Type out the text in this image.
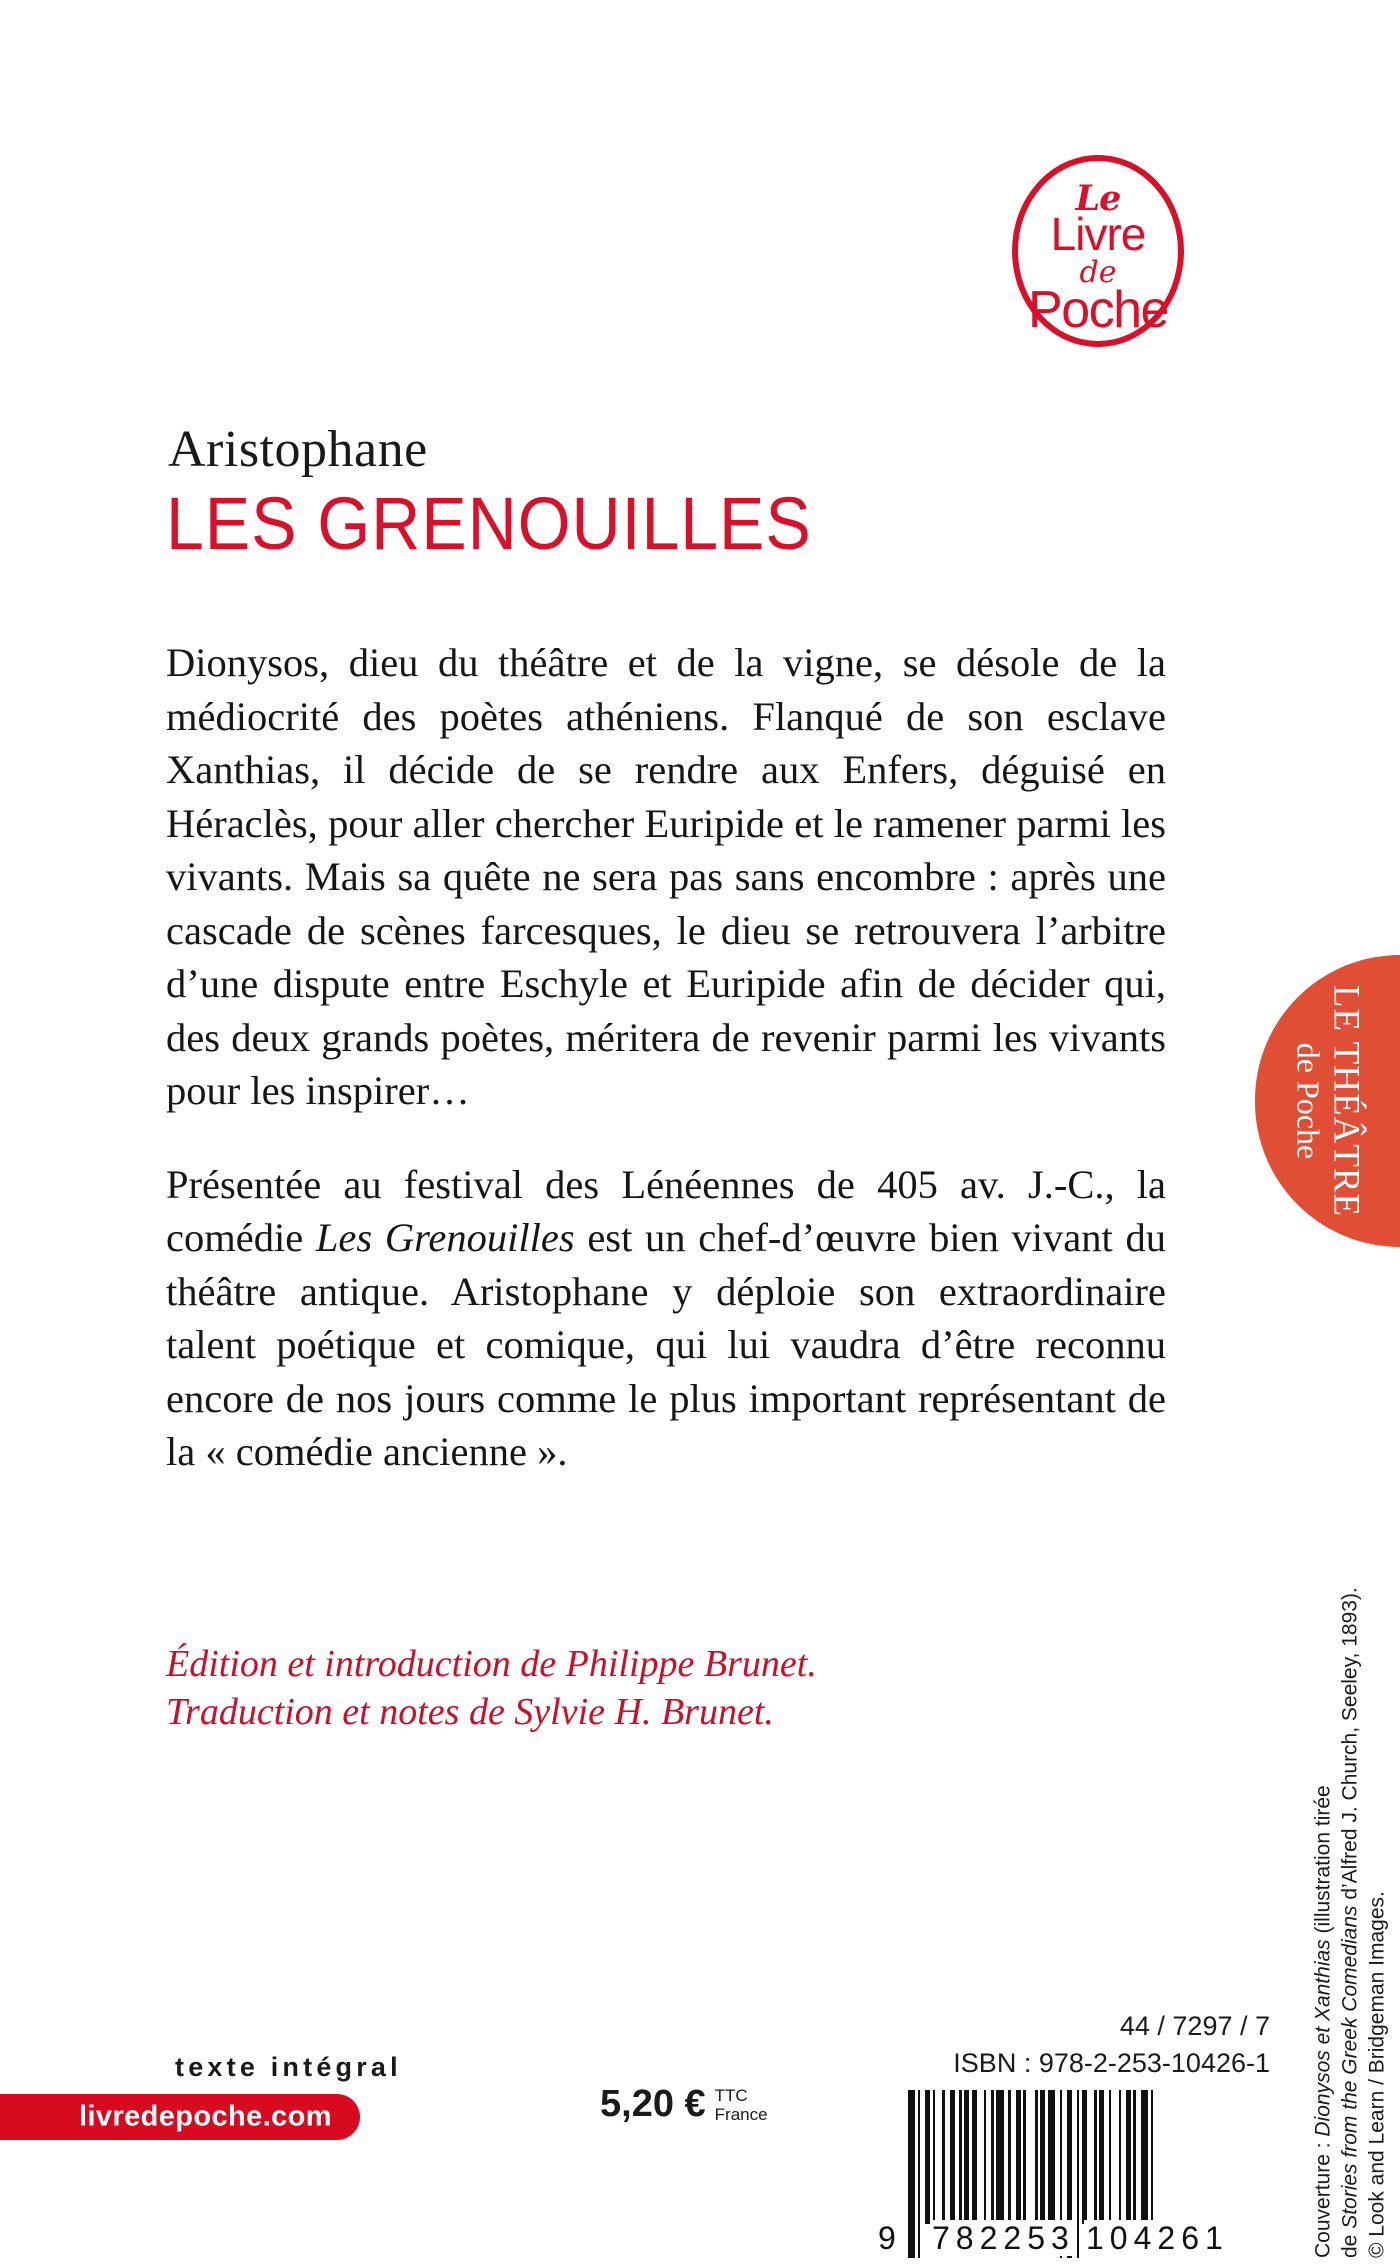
Le
Livre
de
Poche
Aristophane
LES GRENOUILLES

Dionysos, dieu du théâtre et de la vigne, se désole de la médiocrité des poètes athéniens. Flanqué de son esclave Xanthias, il décide de se rendre aux Enfers, déguisé en Héraclès, pour aller chercher Euripide et le ramener parmi les vivants. Mais sa quête ne sera pas sans encombre : après une cascade de scènes farcesques, le dieu se retrouvera l’arbitre d’une dispute entre Eschyle et Euripide afin de décider qui, des deux grands poètes, méritera de revenir parmi les vivants pour les inspirer…

Présentée au festival des Lénéennes de 405 av. J.-C., la comédie Les Grenouilles est un chef-d’œuvre bien vivant du théâtre antique. Aristophane y déploie son extraordinaire talent poétique et comique, qui lui vaudra d’être reconnu encore de nos jours comme le plus important représentant de la « comédie ancienne ».

Édition et introduction de Philippe Brunet.
Traduction et notes de Sylvie H. Brunet.
LE THÉÂTRE
de Poche
Couverture : Dionysos et Xanthias (illustration tirée
de Stories from the Greek Comedians d’Alfred J. Church, Seeley, 1893).
© Look and Learn / Bridgeman Images.
texte intégral
livredepoche.com	5,20 € TTC
France
44 / 7297 / 7
ISBN : 978-2-253-10426-1
9 782253 104261
